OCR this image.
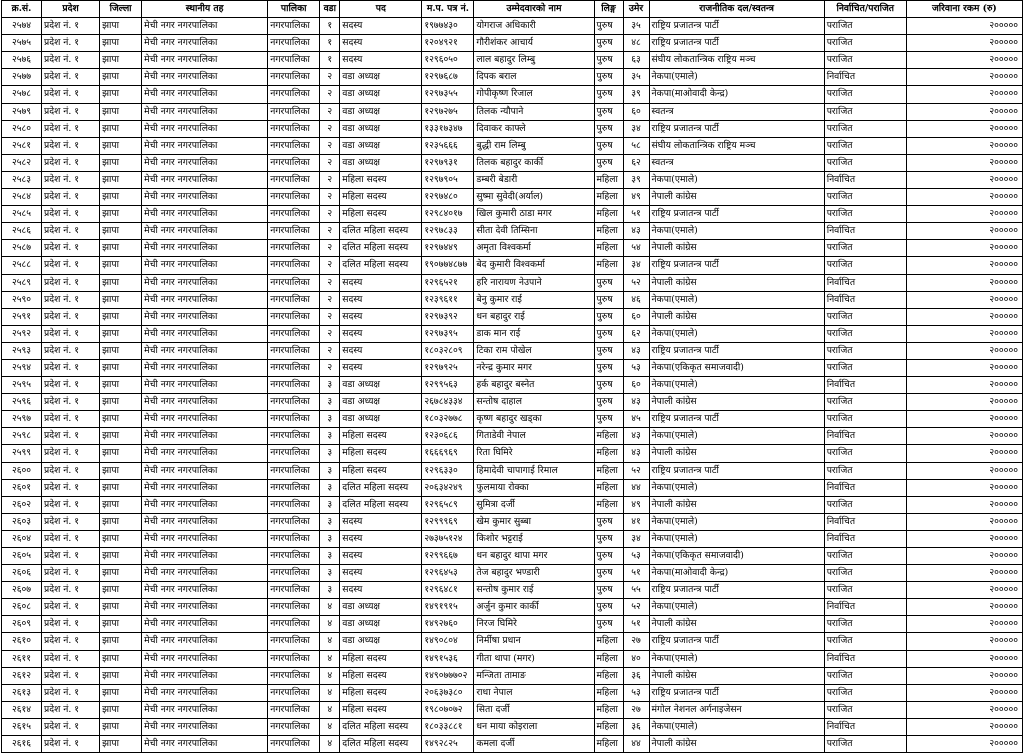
क्र.सं.	प्रदेश	जिल्ला	स्थानीय तह	पालिका	वडा	पद	म.प. पत्र नं.	उम्मेदवारको नाम	लिङ्ग	उमेर	राजनीतिक दल/स्वतन्त्र	निर्वाचित/पराजित	जरिवाना रकम (रु)
२५७४	प्रदेश नं. १	झापा	मेची नगर नगरपालिका	नगरपालिका	१	सदस्य	१९७७४३०	योगराज अधिकारी	पुरुष	३५	राष्ट्रिय प्रजातन्त्र पार्टी	पराजित	२०००००
२५७५	प्रदेश नं. १	झापा	मेची नगर नगरपालिका	नगरपालिका	१	सदस्य	१२०४९२१	गौरीशंकर आचार्य	पुरुष	४८	राष्ट्रिय प्रजातन्त्र पार्टी	पराजित	२०००००
२५७६	प्रदेश नं. १	झापा	मेची नगर नगरपालिका	नगरपालिका	१	सदस्य	१२९६०५०	लाल बहादुर लिम्बु	पुरुष	६३	संघीय लोकतान्त्रिक राष्ट्रिय मञ्च	पराजित	२०००००
२५७७	प्रदेश नं. १	झापा	मेची नगर नगरपालिका	नगरपालिका	२	वडा अध्यक्ष	१२९७६८७	दिपक बराल	पुरुष	३५	नेकपा(एमाले)	निर्वाचित	२०००००
२५७८	प्रदेश नं. १	झापा	मेची नगर नगरपालिका	नगरपालिका	२	वडा अध्यक्ष	१२९७३५५	गोपीकृष्ण रिजाल	पुरुष	३९	नेकपा(माओवादी केन्द्र)	पराजित	२०००००
२५७९	प्रदेश नं. १	झापा	मेची नगर नगरपालिका	नगरपालिका	२	वडा अध्यक्ष	१२९७२७५	तिलक न्यौपाने	पुरुष	६०	स्वतन्त्र	पराजित	२०००००
२५८०	प्रदेश नं. १	झापा	मेची नगर नगरपालिका	नगरपालिका	२	वडा अध्यक्ष	१३३१७३४७	दिवाकर काफ्ले	पुरुष	३४	राष्ट्रिय प्रजातन्त्र पार्टी	पराजित	२०००००
२५८१	प्रदेश नं. १	झापा	मेची नगर नगरपालिका	नगरपालिका	२	वडा अध्यक्ष	१२३५६६६	बुद्धी राम लिम्बु	पुरुष	५८	संघीय लोकतान्त्रिक राष्ट्रिय मञ्च	पराजित	२०००००
२५८२	प्रदेश नं. १	झापा	मेची नगर नगरपालिका	नगरपालिका	२	वडा अध्यक्ष	१२९७९३१	तिलक बहादुर कार्की	पुरुष	६२	स्वतन्त्र	पराजित	२०००००
२५८३	प्रदेश नं. १	झापा	मेची नगर नगरपालिका	नगरपालिका	२	महिला सदस्य	१२९७९०५	डम्बरी बेडारी	महिला	३९	नेकपा(एमाले)	निर्वाचित	२०००००
२५८४	प्रदेश नं. १	झापा	मेची नगर नगरपालिका	नगरपालिका	२	महिला सदस्य	१२९७४८०	सुष्मा सुवेदी(अर्याल)	महिला	४९	नेपाली कांग्रेस	पराजित	२०००००
२५८५	प्रदेश नं. १	झापा	मेची नगर नगरपालिका	नगरपालिका	२	महिला सदस्य	१२९८४०१७	खिल कुमारी ठाडा मगर	महिला	५१	राष्ट्रिय प्रजातन्त्र पार्टी	पराजित	२०००००
२५८६	प्रदेश नं. १	झापा	मेची नगर नगरपालिका	नगरपालिका	२	दलित महिला सदस्य	१२९७८३३	सीता देवी तिम्सिना	महिला	४३	नेकपा(एमाले)	निर्वाचित	२०००००
२५८७	प्रदेश नं. १	झापा	मेची नगर नगरपालिका	नगरपालिका	२	दलित महिला सदस्य	१२९७४४९	अमृता विश्वकर्मा	महिला	५४	नेपाली कांग्रेस	पराजित	२०००००
२५८८	प्रदेश नं. १	झापा	मेची नगर नगरपालिका	नगरपालिका	२	दलित महिला सदस्य	१९०७७४८७७	बेद कुमारी विश्वकर्मा	महिला	३४	राष्ट्रिय प्रजातन्त्र पार्टी	पराजित	२०००००
२५८९	प्रदेश नं. १	झापा	मेची नगर नगरपालिका	नगरपालिका	२	सदस्य	१२९६५२१	हरि नारायण नेउपाने	पुरुष	५२	नेपाली कांग्रेस	निर्वाचित	२०००००
२५९०	प्रदेश नं. १	झापा	मेची नगर नगरपालिका	नगरपालिका	२	सदस्य	१२३९६११	बेनु कुमार राई	पुरुष	४६	नेकपा(एमाले)	निर्वाचित	२०००००
२५९१	प्रदेश नं. १	झापा	मेची नगर नगरपालिका	नगरपालिका	२	सदस्य	१२९७३९२	धन बहादुर राई	पुरुष	६०	नेपाली कांग्रेस	पराजित	२०००००
२५९२	प्रदेश नं. १	झापा	मेची नगर नगरपालिका	नगरपालिका	२	सदस्य	१२९७३९५	डाक मान राई	पुरुष	६२	नेकपा(एमाले)	पराजित	२०००००
२५९३	प्रदेश नं. १	झापा	मेची नगर नगरपालिका	नगरपालिका	२	सदस्य	१८०३२८०९	टिका राम पोखेल	पुरुष	४३	राष्ट्रिय प्रजातन्त्र पार्टी	पराजित	२०००००
२५९४	प्रदेश नं. १	झापा	मेची नगर नगरपालिका	नगरपालिका	२	सदस्य	१२९७९२५	नरेन्द्र कुमार मगर	पुरुष	५३	नेकपा(एकिकृत समाजवादी)	पराजित	२०००००
२५९५	प्रदेश नं. १	झापा	मेची नगर नगरपालिका	नगरपालिका	३	वडा अध्यक्ष	१२९९५६३	हर्क बहादुर बस्नेत	पुरुष	६०	नेकपा(एमाले)	निर्वाचित	२०००००
२५९६	प्रदेश नं. १	झापा	मेची नगर नगरपालिका	नगरपालिका	३	वडा अध्यक्ष	२६७८४३३४	सन्तोष दाहाल	पुरुष	४३	नेपाली कांग्रेस	पराजित	२०००००
२५९७	प्रदेश नं. १	झापा	मेची नगर नगरपालिका	नगरपालिका	३	वडा अध्यक्ष	१८०३२७७८	कृष्ण बहादुर खड्का	पुरुष	४५	राष्ट्रिय प्रजातन्त्र पार्टी	पराजित	२०००००
२५९८	प्रदेश नं. १	झापा	मेची नगर नगरपालिका	नगरपालिका	३	महिला सदस्य	१२३०६८६	गिताडेवी नेपाल	महिला	४३	नेकपा(एमाले)	निर्वाचित	२०००००
२५९९	प्रदेश नं. १	झापा	मेची नगर नगरपालिका	नगरपालिका	३	महिला सदस्य	१६६६९६९	रिता घिमिरे	महिला	४३	नेपाली कांग्रेस	पराजित	२०००००
२६००	प्रदेश नं. १	झापा	मेची नगर नगरपालिका	नगरपालिका	३	महिला सदस्य	१२९६३३०	हिमादेवी चापागाई रिमाल	महिला	५२	राष्ट्रिय प्रजातन्त्र पार्टी	पराजित	२०००००
२६०१	प्रदेश नं. १	झापा	मेची नगर नगरपालिका	नगरपालिका	३	दलित महिला सदस्य	२०६३४२४९	फुलमाया रोक्का	महिला	४४	नेकपा(एमाले)	निर्वाचित	२०००००
२६०२	प्रदेश नं. १	झापा	मेची नगर नगरपालिका	नगरपालिका	३	दलित महिला सदस्य	१२९६५८९	सुमित्रा दर्जी	महिला	४९	नेपाली कांग्रेस	पराजित	२०००००
२६०३	प्रदेश नं. १	झापा	मेची नगर नगरपालिका	नगरपालिका	३	सदस्य	१२९९९६९	खेम कुमार सुब्बा	पुरुष	४१	नेकपा(एमाले)	निर्वाचित	२०००००
२६०४	प्रदेश नं. १	झापा	मेची नगर नगरपालिका	नगरपालिका	३	सदस्य	२७३७५१२४	किशोर भट्टराई	पुरुष	३४	नेकपा(एमाले)	निर्वाचित	२०००००
२६०५	प्रदेश नं. १	झापा	मेची नगर नगरपालिका	नगरपालिका	३	सदस्य	१२९९६६७	धन बहादुर थापा मगर	पुरुष	५३	नेकपा(एकिकृत समाजवादी)	पराजित	२०००००
२६०६	प्रदेश नं. १	झापा	मेची नगर नगरपालिका	नगरपालिका	३	सदस्य	१२९६४५३	तेज बहादुर भण्डारी	पुरुष	५१	नेकपा(माओवादी केन्द्र)	पराजित	२०००००
२६०७	प्रदेश नं. १	झापा	मेची नगर नगरपालिका	नगरपालिका	३	सदस्य	१२९६४८१	सन्तोष कुमार राई	पुरुष	५५	राष्ट्रिय प्रजातन्त्र पार्टी	पराजित	२०००००
२६०८	प्रदेश नं. १	झापा	मेची नगर नगरपालिका	नगरपालिका	४	वडा अध्यक्ष	१४९१९१५	अर्जुन कुमार कार्की	पुरुष	५२	नेकपा(एमाले)	निर्वाचित	२०००००
२६०९	प्रदेश नं. १	झापा	मेची नगर नगरपालिका	नगरपालिका	४	वडा अध्यक्ष	१४९२७६०	निरज घिमिरे	पुरुष	५१	नेपाली कांग्रेस	पराजित	२०००००
२६१०	प्रदेश नं. १	झापा	मेची नगर नगरपालिका	नगरपालिका	४	वडा अध्यक्ष	१४९०८०४	निर्मीषा प्रधान	महिला	२७	राष्ट्रिय प्रजातन्त्र पार्टी	पराजित	२०००००
२६११	प्रदेश नं. १	झापा	मेची नगर नगरपालिका	नगरपालिका	४	महिला सदस्य	१४९१५३६	गीता थापा (मगर)	महिला	४०	नेकपा(एमाले)	निर्वाचित	२०००००
२६१२	प्रदेश नं. १	झापा	मेची नगर नगरपालिका	नगरपालिका	४	महिला सदस्य	१४९०७७७०२	मन्जिता तामाङ	महिला	३६	नेपाली कांग्रेस	पराजित	२०००००
२६१३	प्रदेश नं. १	झापा	मेची नगर नगरपालिका	नगरपालिका	४	महिला सदस्य	२०६३७३८०	राधा नेपाल	महिला	५३	राष्ट्रिय प्रजातन्त्र पार्टी	पराजित	२०००००
२६१४	प्रदेश नं. १	झापा	मेची नगर नगरपालिका	नगरपालिका	४	महिला सदस्य	१९८०७०७२	सिता दर्जी	महिला	२७	मंगोल नेशनल अर्गनाइजेसन	पराजित	२०००००
२६१५	प्रदेश नं. १	झापा	मेची नगर नगरपालिका	नगरपालिका	४	दलित महिला सदस्य	१८०३३८८१	धन माया कोइराला	महिला	३६	नेकपा(एमाले)	निर्वाचित	२०००००
२६१६	प्रदेश नं. १	झापा	मेची नगर नगरपालिका	नगरपालिका	४	दलित महिला सदस्य	१४९२८२५	कमला दर्जी	महिला	४४	नेपाली कांग्रेस	पराजित	२०००००
